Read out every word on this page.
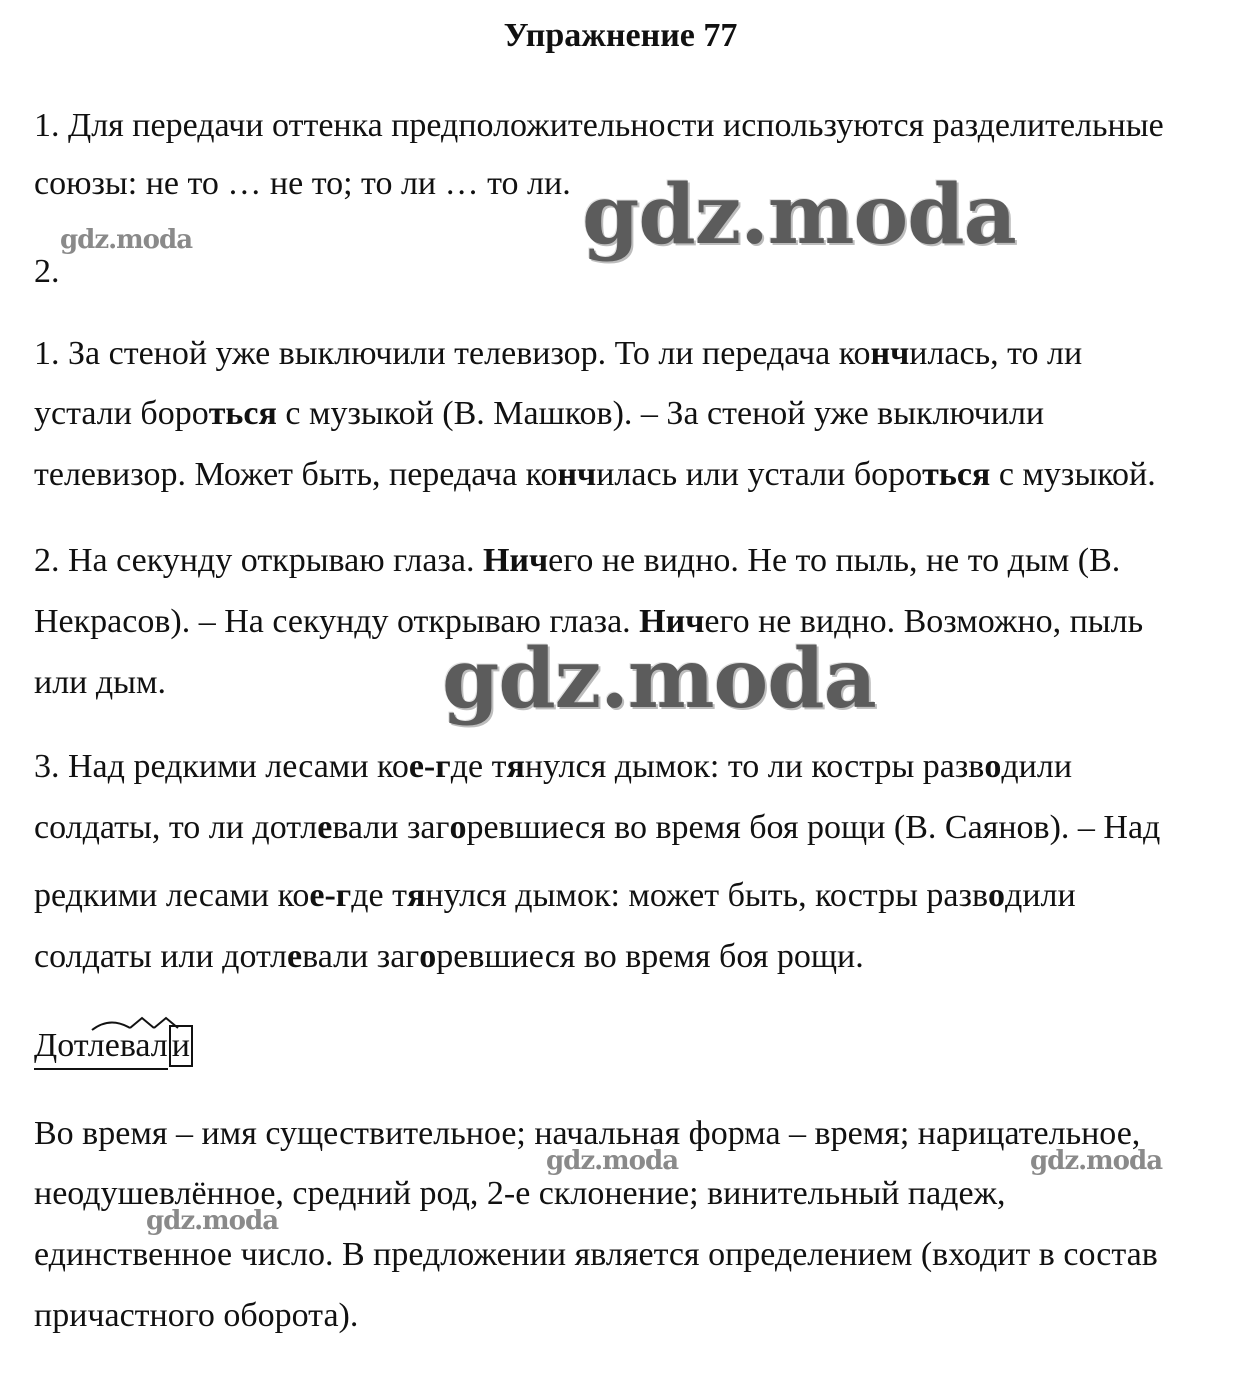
Упражнение 77
1. Для передачи оттенка предположительности используются разделительные
союзы: не то … не то; то ли … то ли.
2.
1. За стеной уже выключили телевизор. То ли передача кончилась, то ли
устали бороться с музыкой (В. Машков). – За стеной уже выключили
телевизор. Может быть, передача кончилась или устали бороться с музыкой.
2. На секунду открываю глаза. Ничего не видно. Не то пыль, не то дым (В.
Некрасов). – На секунду открываю глаза. Ничего не видно. Возможно, пыль
или дым.
3. Над редкими лесами кое-где тянулся дымок: то ли костры разводили
солдаты, то ли дотлевали загоревшиеся во время боя рощи (В. Саянов). – Над
редкими лесами кое-где тянулся дымок: может быть, костры разводили
солдаты или дотлевали загоревшиеся во время боя рощи.
Дотлевал и
Во время – имя существительное; начальная форма – время; нарицательное,
неодушевлённое, средний род, 2-е склонение; винительный падеж,
единственное число. В предложении является определением (входит в состав
причастного оборота).
gdz.moda
gdz.moda
gdz.moda
gdz.moda	gdz.moda
gdz.moda
